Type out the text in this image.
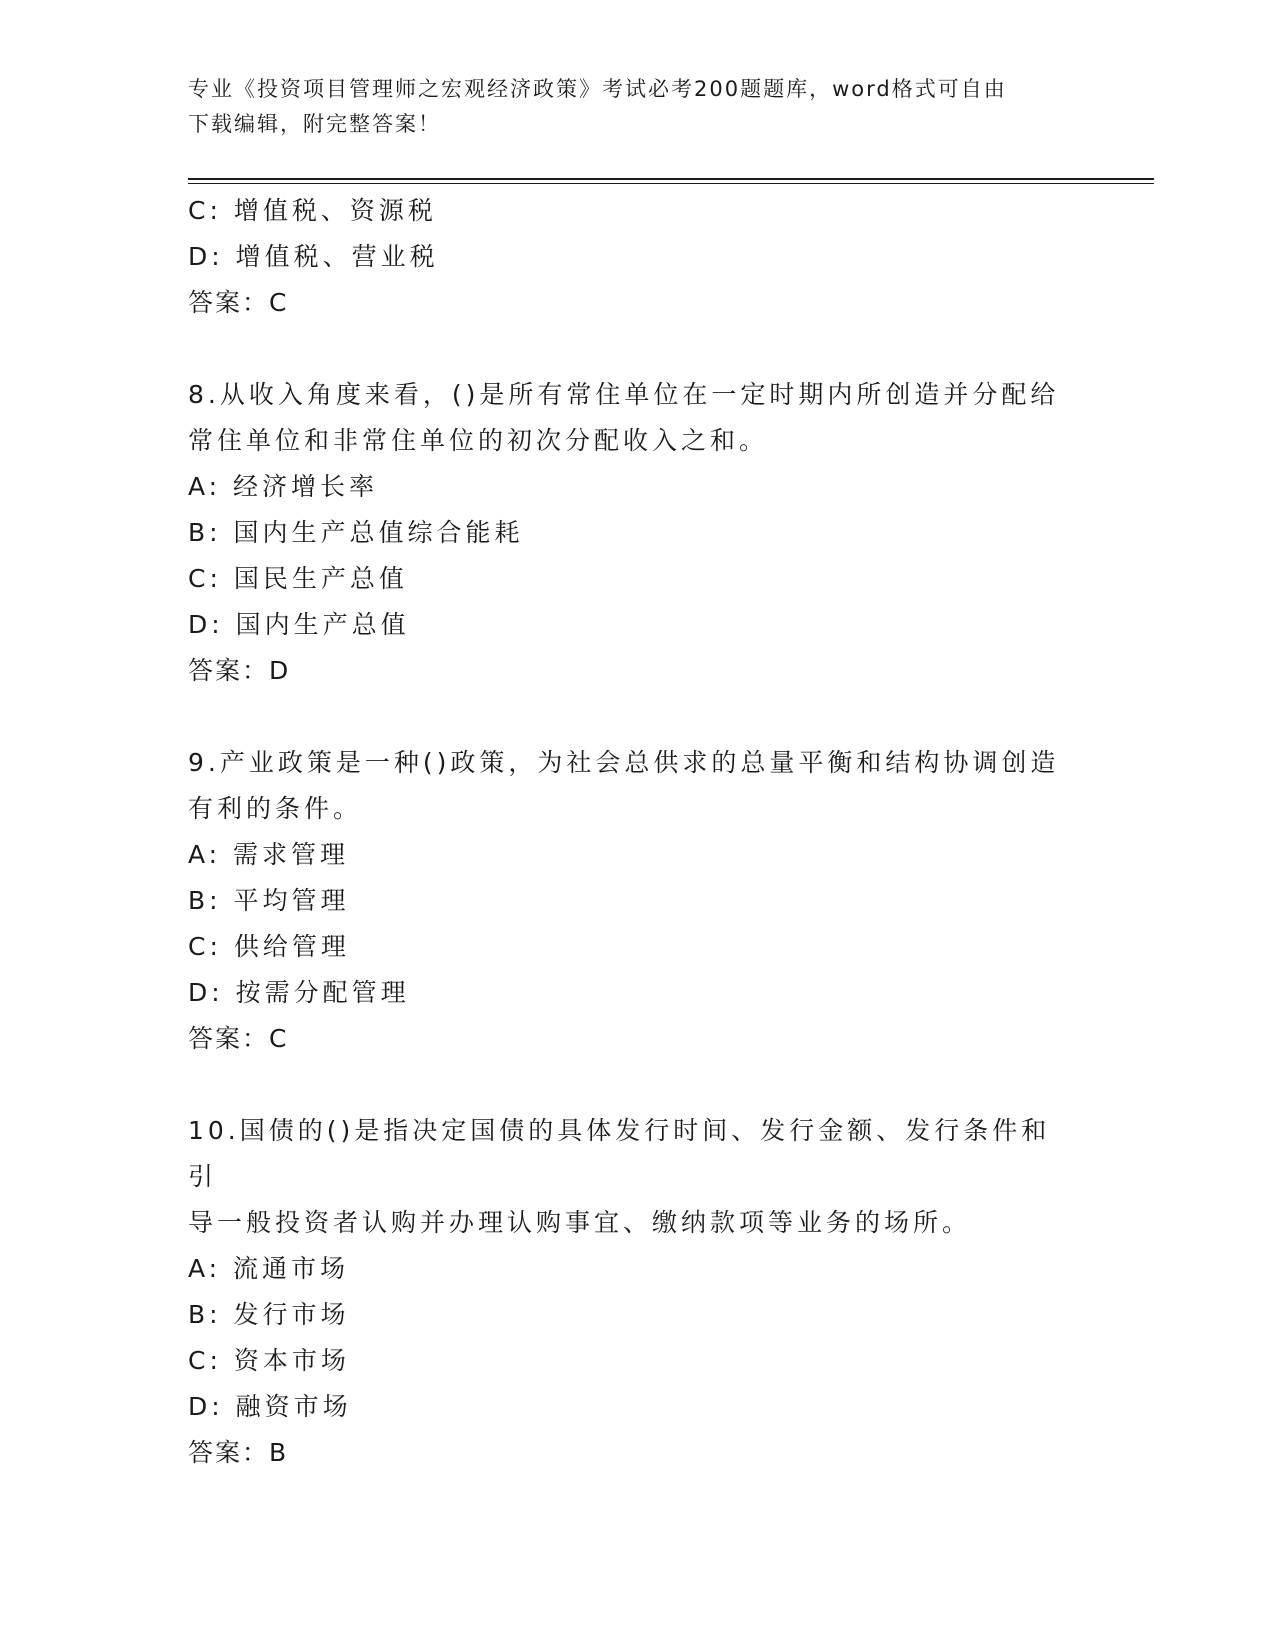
专业《投资项目管理师之宏观经济政策》考试必考200题题库，word格式可自由
下载编辑，附完整答案！
C: 增值税、资源税
D: 增值税、营业税
答案：C
8.从收入角度来看，()是所有常住单位在一定时期内所创造并分配给
常住单位和非常住单位的初次分配收入之和。
A: 经济增长率
B: 国内生产总值综合能耗
C: 国民生产总值
D: 国内生产总值
答案：D
9.产业政策是一种()政策，为社会总供求的总量平衡和结构协调创造
有利的条件。
A: 需求管理
B: 平均管理
C: 供给管理
D: 按需分配管理
答案：C
10.国债的()是指决定国债的具体发行时间、发行金额、发行条件和引
导一般投资者认购并办理认购事宜、缴纳款项等业务的场所。
A: 流通市场
B: 发行市场
C: 资本市场
D: 融资市场
答案：B
